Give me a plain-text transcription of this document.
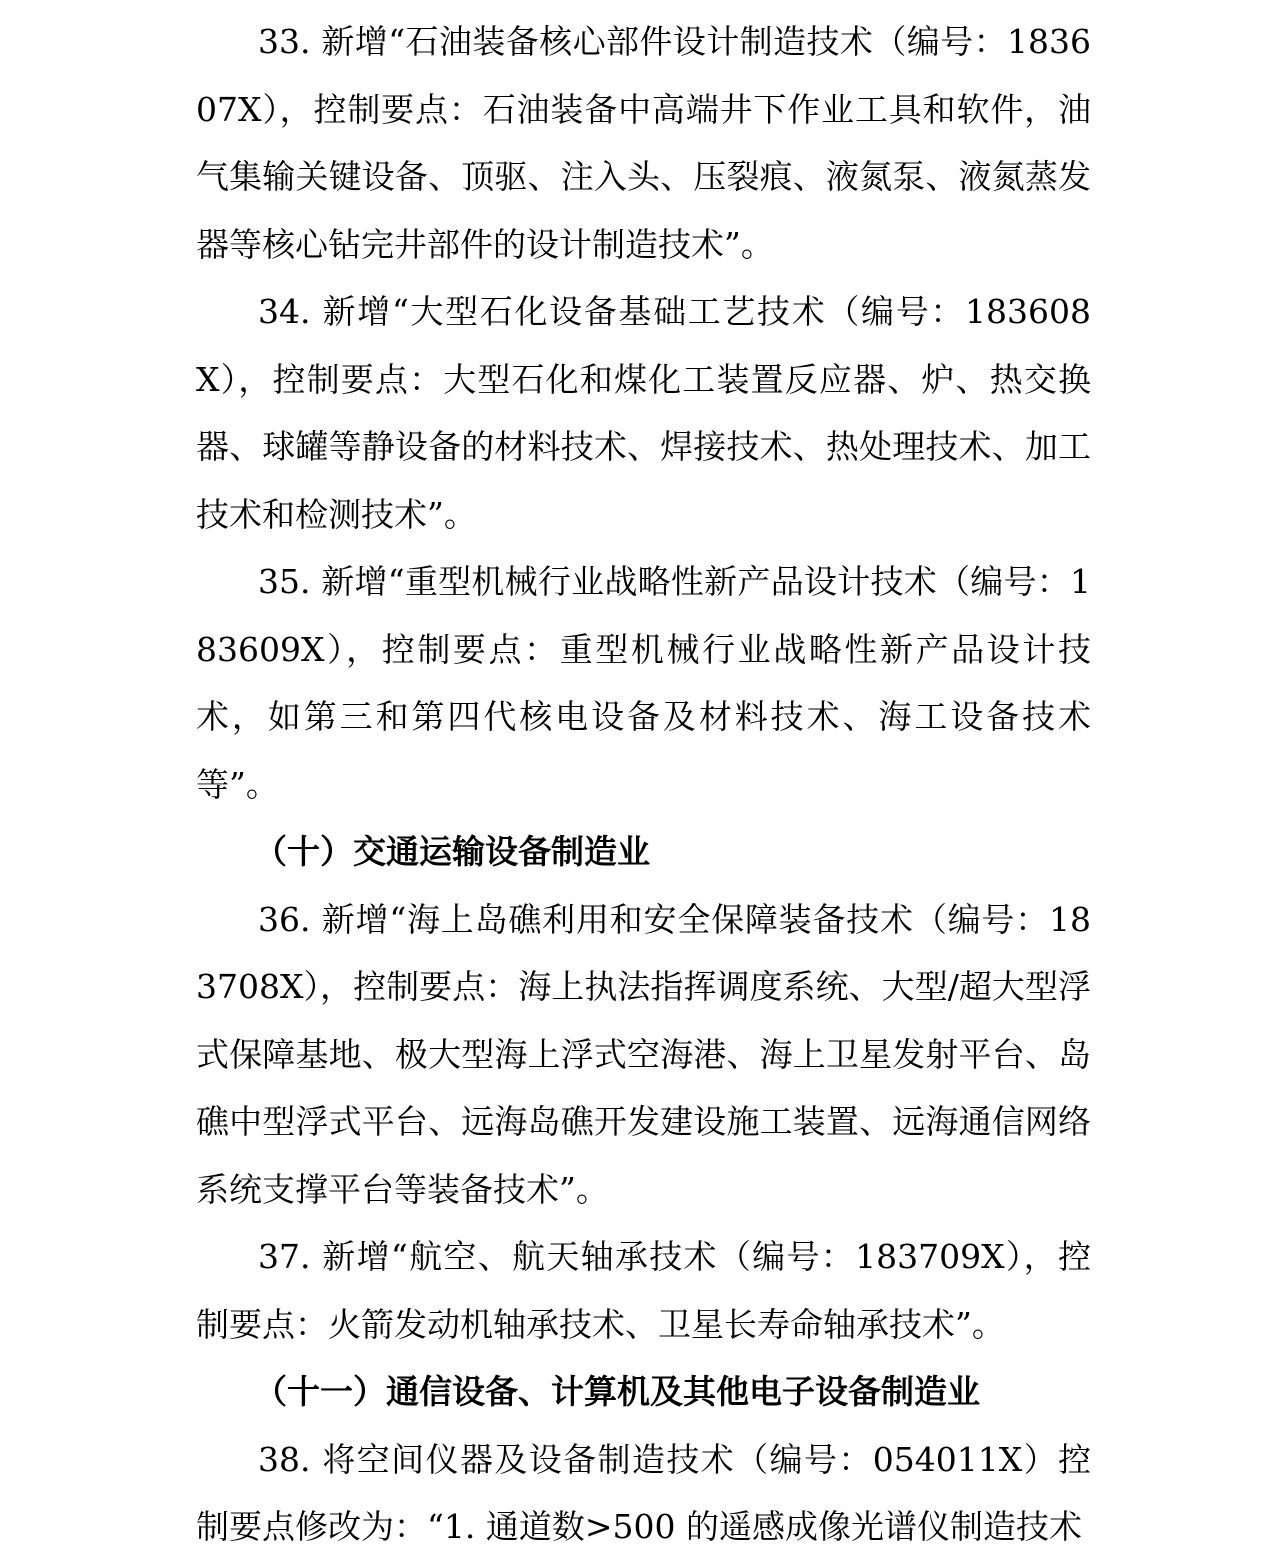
33. 新增“石油装备核心部件设计制造技术（编号：183607X），控制要点：石油装备中高端井下作业工具和软件，油气集输关键设备、顶驱、注入头、压裂痕、液氮泵、液氮蒸发器等核心钻完井部件的设计制造技术”。

34. 新增“大型石化设备基础工艺技术（编号：183608X），控制要点：大型石化和煤化工装置反应器、炉、热交换器、球罐等静设备的材料技术、焊接技术、热处理技术、加工技术和检测技术”。

35. 新增“重型机械行业战略性新产品设计技术（编号：183609X），控制要点：重型机械行业战略性新产品设计技术，如第三和第四代核电设备及材料技术、海工设备技术等”。

（十）交通运输设备制造业

36. 新增“海上岛礁利用和安全保障装备技术（编号：183708X），控制要点：海上执法指挥调度系统、大型/超大型浮式保障基地、极大型海上浮式空海港、海上卫星发射平台、岛礁中型浮式平台、远海岛礁开发建设施工装置、远海通信网络系统支撑平台等装备技术”。

37. 新增“航空、航天轴承技术（编号：183709X），控制要点：火箭发动机轴承技术、卫星长寿命轴承技术”。

（十一）通信设备、计算机及其他电子设备制造业

38. 将空间仪器及设备制造技术（编号：054011X）控制要点修改为：“1. 通道数>500 的遥感成像光谱仪制造技术
